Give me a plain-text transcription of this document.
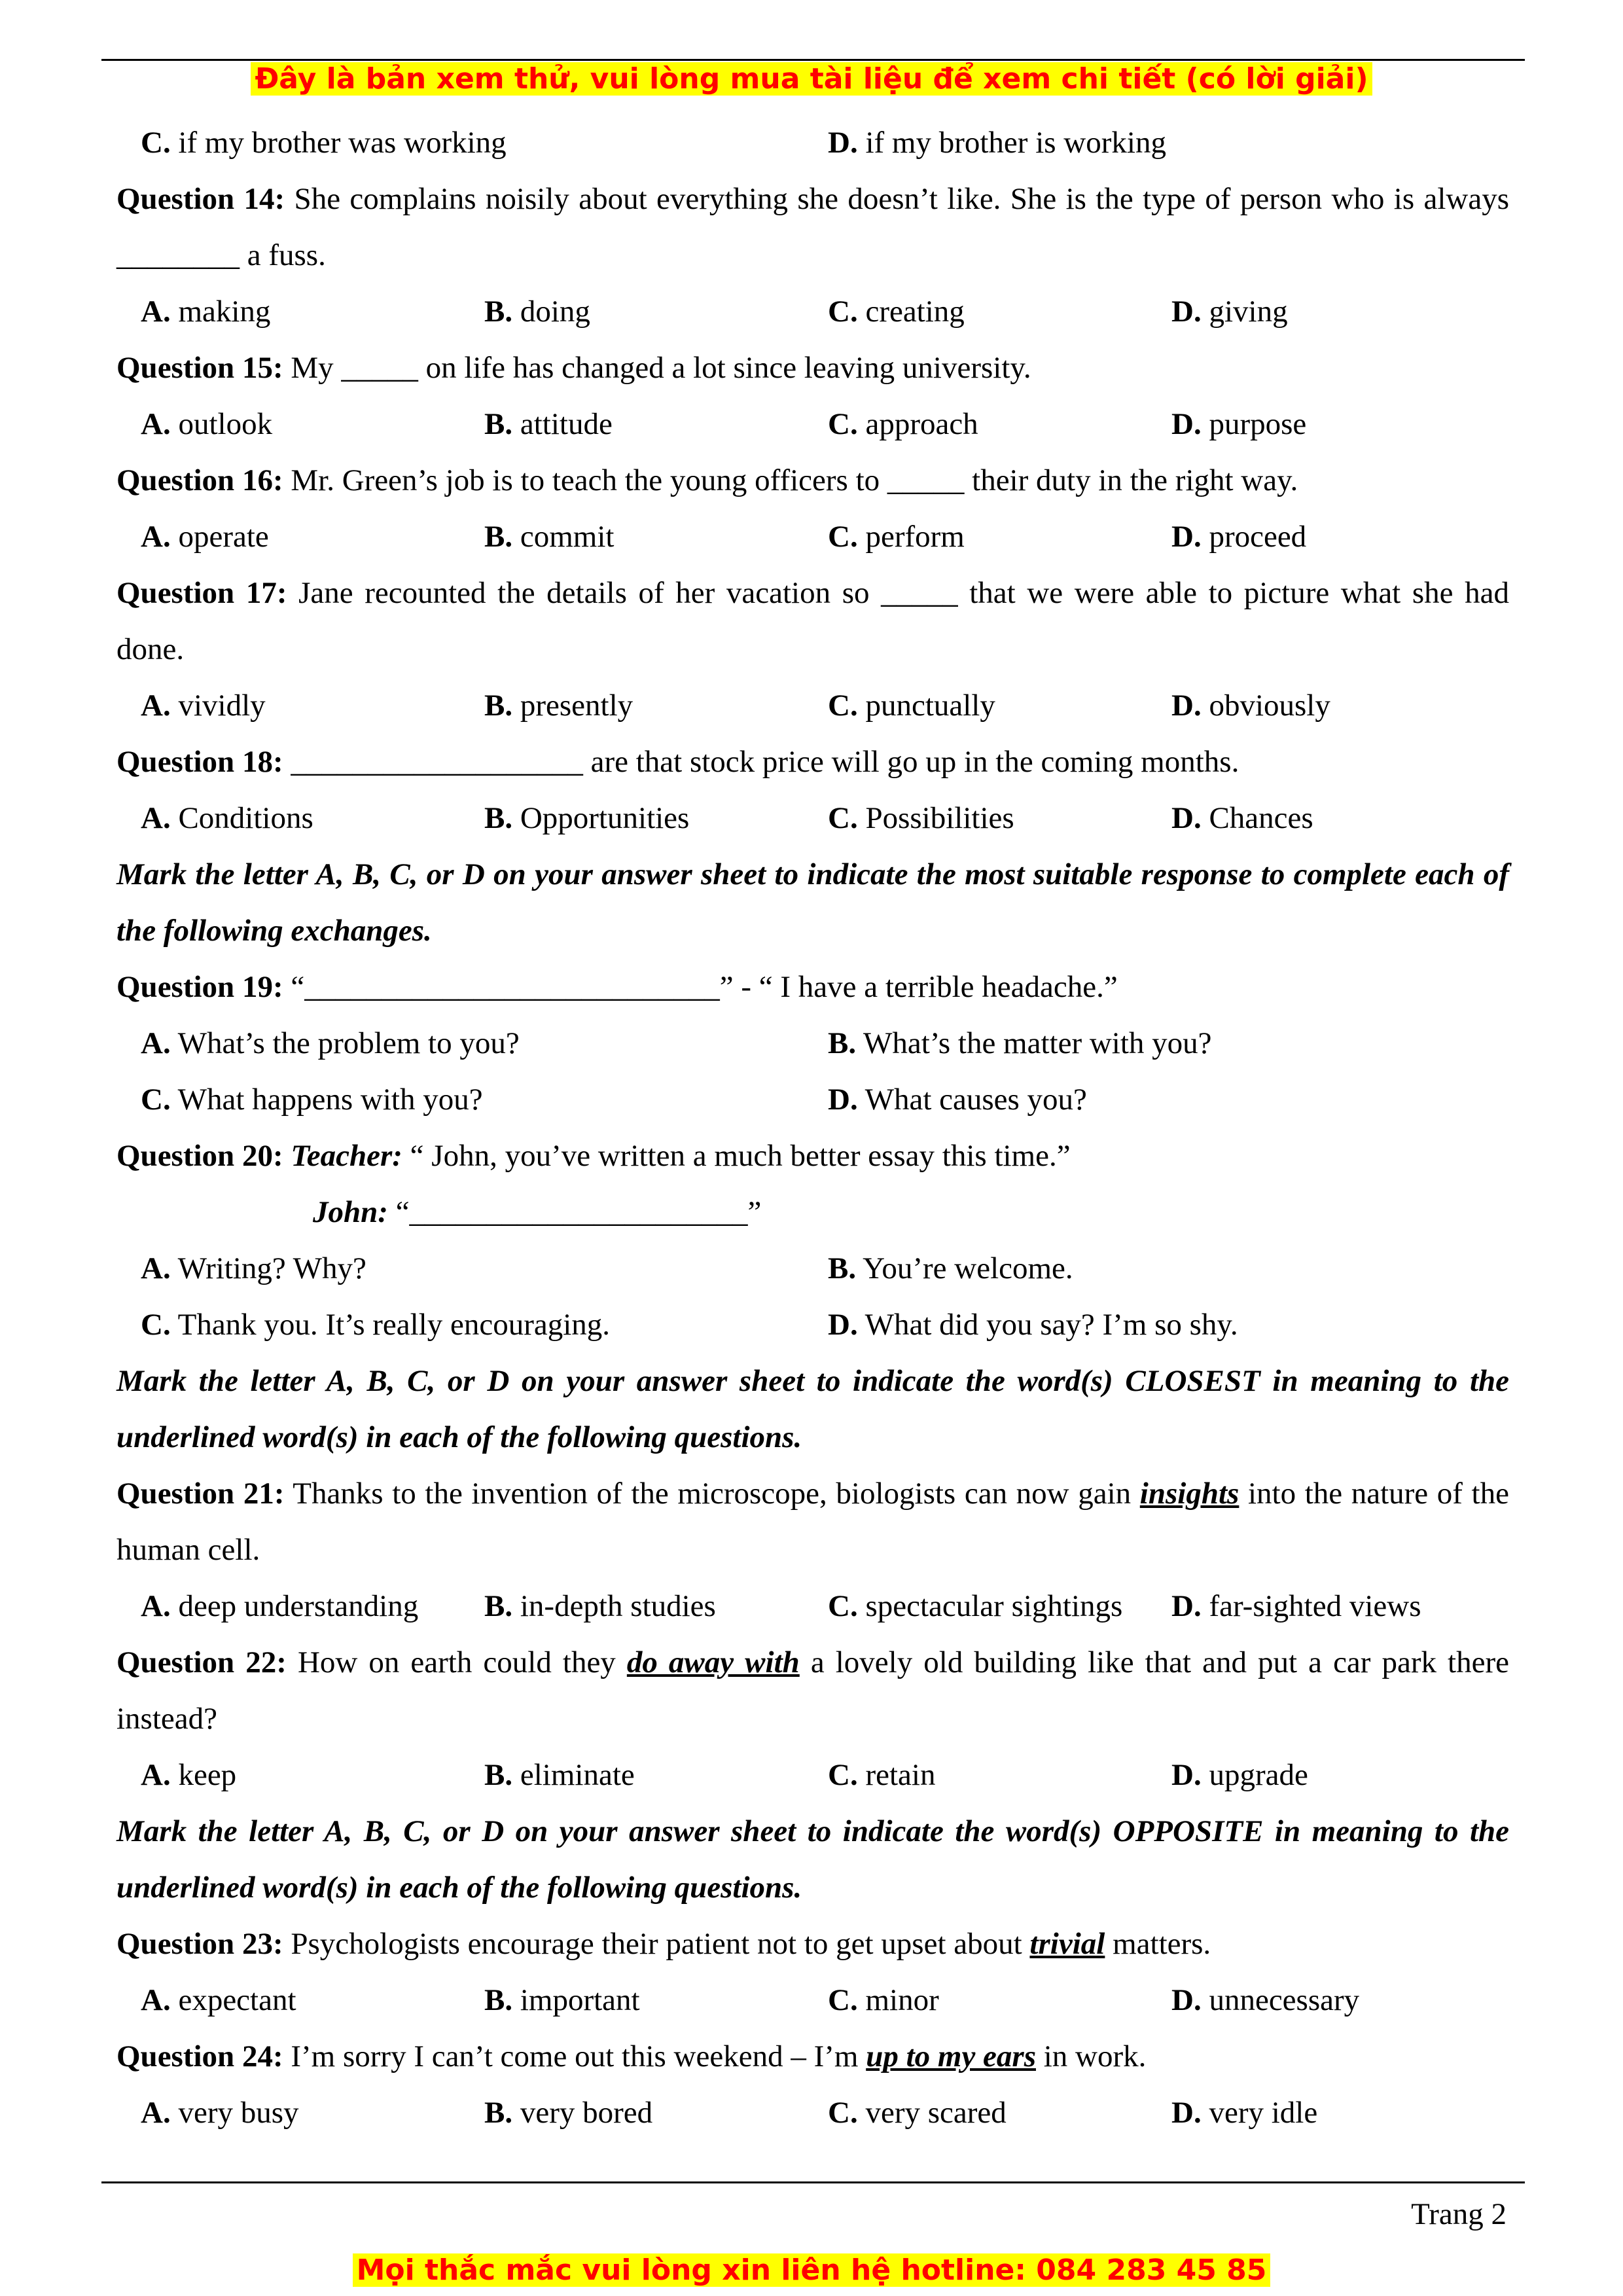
Đây là bản xem thử, vui lòng mua tài liệu để xem chi tiết (có lời giải)
C. if my brother was working	D. if my brother is working
Question 14: She complains noisily about everything she doesn’t like. She is the type of person who is always ________ a fuss.
A. making	B. doing	C. creating	D. giving
Question 15: My _____ on life has changed a lot since leaving university.
A. outlook	B. attitude	C. approach	D. purpose
Question 16: Mr. Green’s job is to teach the young officers to _____ their duty in the right way.
A. operate	B. commit	C. perform	D. proceed
Question 17: Jane recounted the details of her vacation so _____ that we were able to picture what she had done.
A. vividly	B. presently	C. punctually	D. obviously
Question 18: ___________________ are that stock price will go up in the coming months.
A. Conditions	B. Opportunities	C. Possibilities	D. Chances
Mark the letter A, B, C, or D on your answer sheet to indicate the most suitable response to complete each of the following exchanges.
Question 19: “___________________________” - “ I have a terrible headache.”
A. What’s the problem to you?	B. What’s the matter with you?
C. What happens with you?	D. What causes you?
Question 20: Teacher: “ John, you’ve written a much better essay this time.”
John: “______________________”
A. Writing? Why?	B. You’re welcome.
C. Thank you. It’s really encouraging.	D. What did you say? I’m so shy.
Mark the letter A, B, C, or D on your answer sheet to indicate the word(s) CLOSEST in meaning to the underlined word(s) in each of the following questions.
Question 21: Thanks to the invention of the microscope, biologists can now gain insights into the nature of the human cell.
A. deep understanding	B. in-depth studies	C. spectacular sightings	D. far-sighted views
Question 22: How on earth could they do away with a lovely old building like that and put a car park there instead?
A. keep	B. eliminate	C. retain	D. upgrade
Mark the letter A, B, C, or D on your answer sheet to indicate the word(s) OPPOSITE in meaning to the underlined word(s) in each of the following questions.
Question 23: Psychologists encourage their patient not to get upset about trivial matters.
A. expectant	B. important	C. minor	D. unnecessary
Question 24: I’m sorry I can’t come out this weekend – I’m up to my ears in work.
A. very busy	B. very bored	C. very scared	D. very idle
Trang 2
Mọi thắc mắc vui lòng xin liên hệ hotline: 084 283 45 85
